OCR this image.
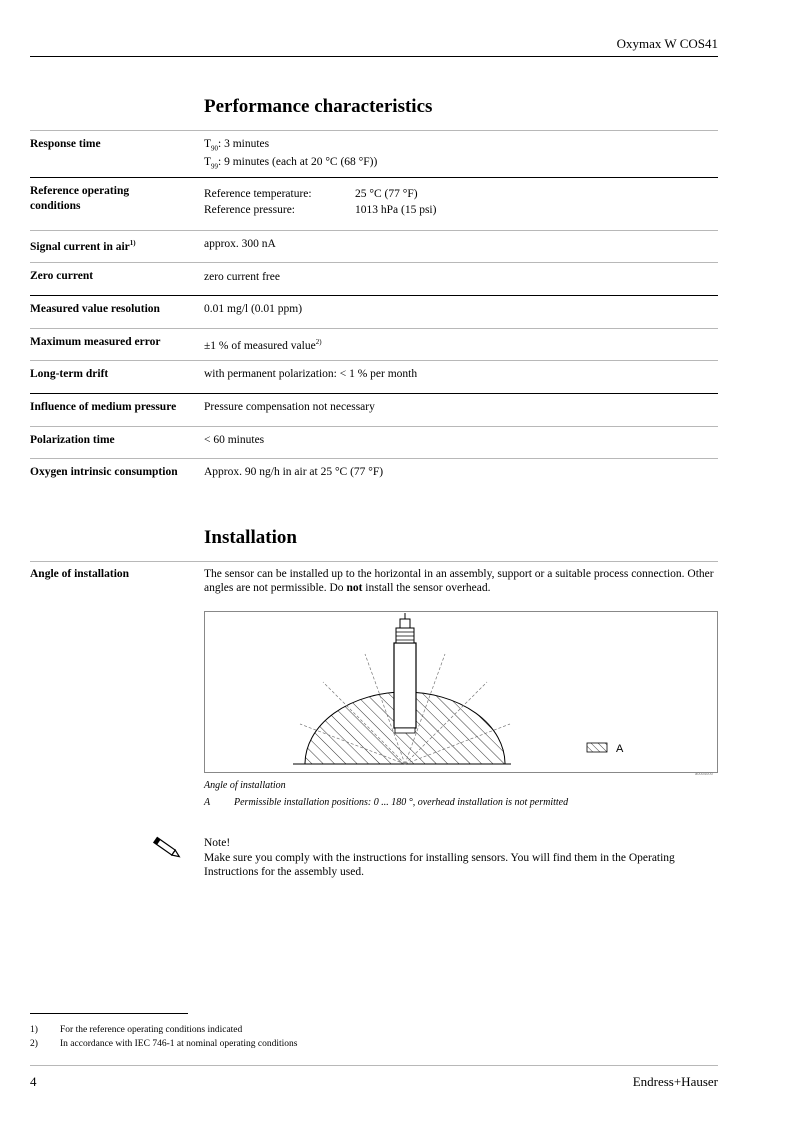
Oxymax W COS41
Performance characteristics
Response time	$T_{90}$: 3 minutes
$T_{99}$: 9 minutes (each at 20 °C (68 °F))
Reference operating conditions
Reference temperature:	25 °C (77 °F)
Reference pressure:	1013 hPa (15 psi)
Signal current in air$^{1)}$	approx. 300 nA
Zero current	zero current free
Measured value resolution	0.01 mg/l (0.01 ppm)
Maximum measured error	±1 % of measured value$^{2)}$
Long-term drift	with permanent polarization: < 1 % per month
Influence of medium pressure	Pressure compensation not necessary
Polarization time	< 60 minutes
Oxygen intrinsic consumption	Approx. 90 ng/h in air at 25 °C (77 °F)
Installation
Angle of installation	The sensor can be installed up to the horizontal in an assembly, support or a suitable process connection. Other angles are not permissible. Do not install the sensor overhead.
A
a0004000
Angle of installation
A Permissible installation positions: 0 ... 180 °, overhead installation is not permitted
Note!
Make sure you comply with the instructions for installing sensors. You will find them in the Operating Instructions for the assembly used.
1) For the reference operating conditions indicated
2) In accordance with IEC 746-1 at nominal operating conditions
4	Endress+Hauser
